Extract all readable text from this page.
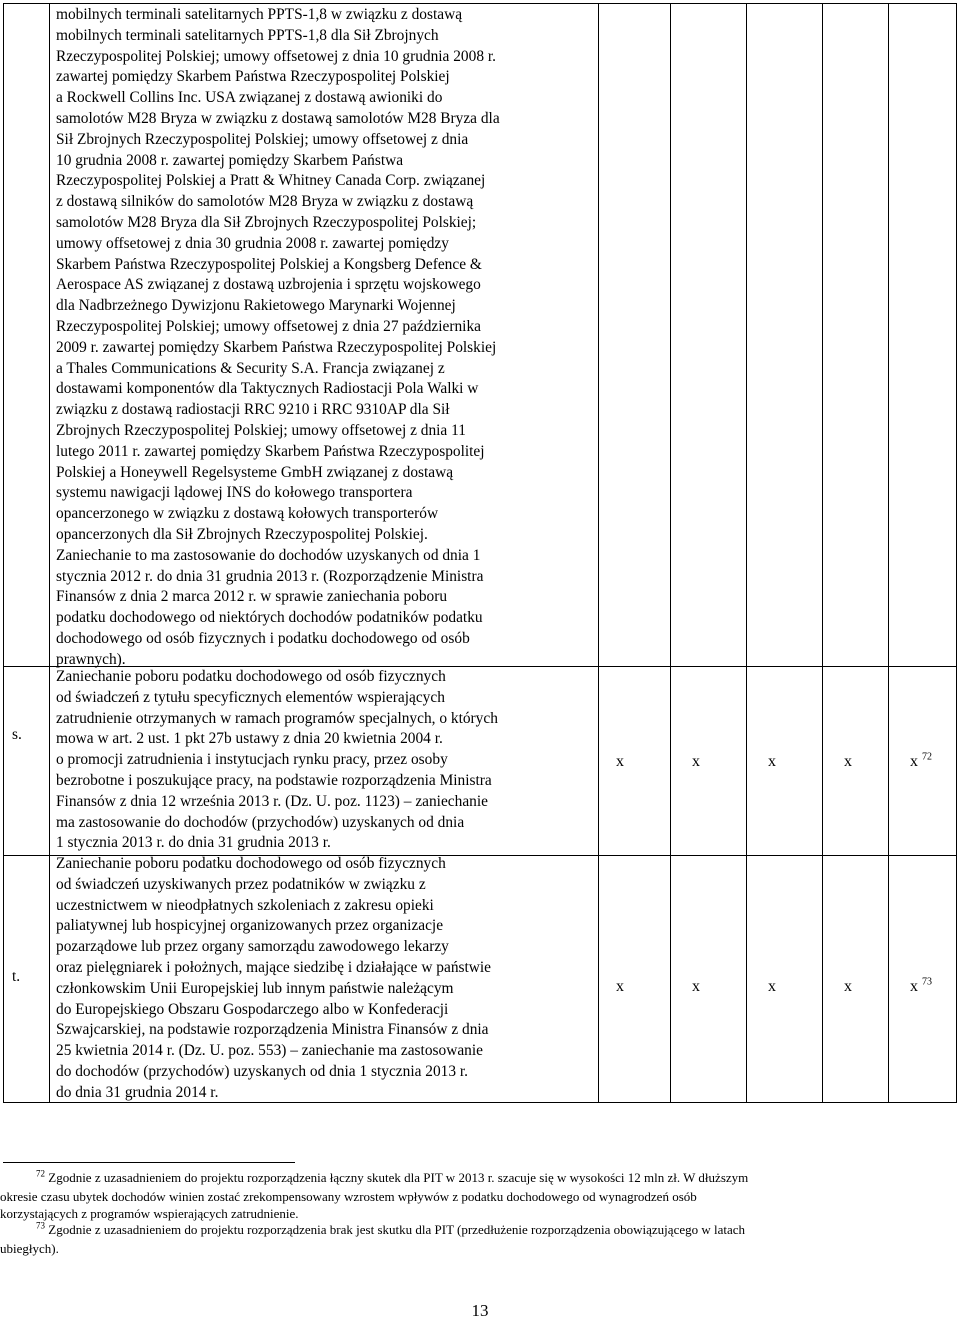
mobilnych terminali satelitarnych PPTS-1,8 w związku z dostawą
mobilnych terminali satelitarnych PPTS-1,8 dla Sił Zbrojnych
Rzeczypospolitej Polskiej; umowy offsetowej z dnia 10 grudnia 2008 r.
zawartej pomiędzy Skarbem Państwa Rzeczypospolitej Polskiej
a Rockwell Collins Inc. USA związanej z dostawą awioniki do
samolotów M28 Bryza w związku z dostawą samolotów M28 Bryza dla
Sił Zbrojnych Rzeczypospolitej Polskiej; umowy offsetowej z dnia
10 grudnia 2008 r. zawartej pomiędzy Skarbem Państwa
Rzeczypospolitej Polskiej a Pratt & Whitney Canada Corp. związanej
z dostawą silników do samolotów M28 Bryza w związku z dostawą
samolotów M28 Bryza dla Sił Zbrojnych Rzeczypospolitej Polskiej;
umowy offsetowej z dnia 30 grudnia 2008 r. zawartej pomiędzy
Skarbem Państwa Rzeczypospolitej Polskiej a Kongsberg Defence &
Aerospace AS związanej z dostawą uzbrojenia i sprzętu wojskowego
dla Nadbrzeżnego Dywizjonu Rakietowego Marynarki Wojennej
Rzeczypospolitej Polskiej; umowy offsetowej z dnia 27 października
2009 r. zawartej pomiędzy Skarbem Państwa Rzeczypospolitej Polskiej
a Thales Communications & Security S.A. Francja związanej z
dostawami komponentów dla Taktycznych Radiostacji Pola Walki w
związku z dostawą radiostacji RRC 9210 i RRC 9310AP dla Sił
Zbrojnych Rzeczypospolitej Polskiej; umowy offsetowej z dnia 11
lutego 2011 r. zawartej pomiędzy Skarbem Państwa Rzeczypospolitej
Polskiej a Honeywell Regelsysteme GmbH związanej z dostawą
systemu nawigacji lądowej INS do kołowego transportera
opancerzonego w związku z dostawą kołowych transporterów
opancerzonych dla Sił Zbrojnych Rzeczypospolitej Polskiej.
Zaniechanie to ma zastosowanie do dochodów uzyskanych od dnia 1
stycznia 2012 r. do dnia 31 grudnia 2013 r. (Rozporządzenie Ministra
Finansów z dnia 2 marca 2012 r. w sprawie zaniechania poboru
podatku dochodowego od niektórych dochodów podatników podatku
dochodowego od osób fizycznych i podatku dochodowego od osób
prawnych).
s.
Zaniechanie poboru podatku dochodowego od osób fizycznych
od świadczeń z tytułu specyficznych elementów wspierających
zatrudnienie otrzymanych w ramach programów specjalnych, o których
mowa w art. 2 ust. 1 pkt 27b ustawy z dnia 20 kwietnia 2004 r.
o promocji zatrudnienia i instytucjach rynku pracy, przez osoby
bezrobotne i poszukujące pracy, na podstawie rozporządzenia Ministra
Finansów z dnia 12 września 2013 r. (Dz. U. poz. 1123) – zaniechanie
ma zastosowanie do dochodów (przychodów) uzyskanych od dnia
1 stycznia 2013 r. do dnia 31 grudnia 2013 r.
x	x	x	x	x $^{72}$
t.
Zaniechanie poboru podatku dochodowego od osób fizycznych
od świadczeń uzyskiwanych przez podatników w związku z
uczestnictwem w nieodpłatnych szkoleniach z zakresu opieki
paliatywnej lub hospicyjnej organizowanych przez organizacje
pozarządowe lub przez organy samorządu zawodowego lekarzy
oraz pielęgniarek i położnych, mające siedzibę i działające w państwie
członkowskim Unii Europejskiej lub innym państwie należącym
do Europejskiego Obszaru Gospodarczego albo w Konfederacji
Szwajcarskiej, na podstawie rozporządzenia Ministra Finansów z dnia
25 kwietnia 2014 r. (Dz. U. poz. 553) – zaniechanie ma zastosowanie
do dochodów (przychodów) uzyskanych od dnia 1 stycznia 2013 r.
do dnia 31 grudnia 2014 r.
x	x	x	x	x $^{73}$
$^{72}$ Zgodnie z uzasadnieniem do projektu rozporządzenia łączny skutek dla PIT w 2013 r. szacuje się w wysokości 12 mln zł. W dłuższym
okresie czasu ubytek dochodów winien zostać zrekompensowany wzrostem wpływów z podatku dochodowego od wynagrodzeń osób
korzystających z programów wspierających zatrudnienie.
$^{73}$ Zgodnie z uzasadnieniem do projektu rozporządzenia brak jest skutku dla PIT (przedłużenie rozporządzenia obowiązującego w latach
ubiegłych).
13
